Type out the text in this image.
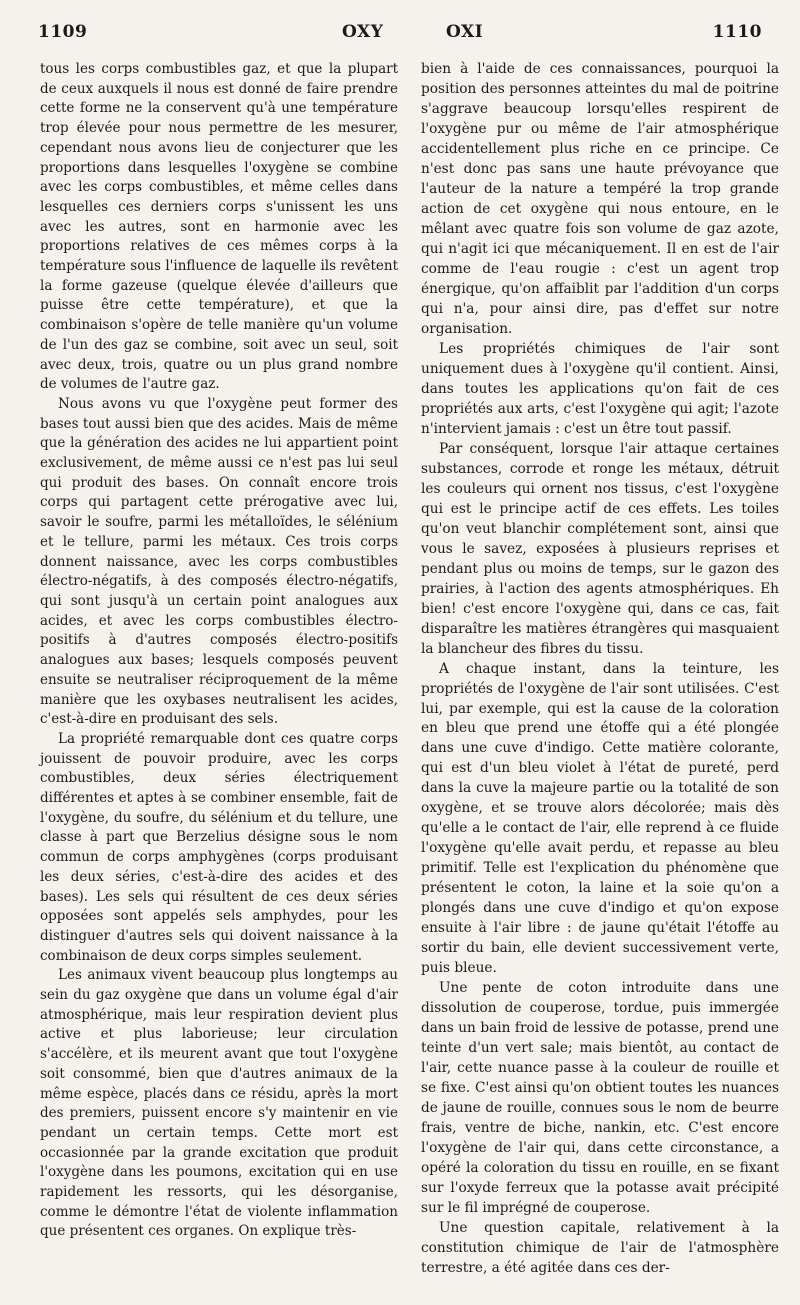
1109	OXY	OXI	1110

tous les corps combustibles gaz, et que la plupart de ceux auxquels il nous est donné de faire prendre cette forme ne la conservent qu'à une température trop élevée pour nous permettre de les mesurer, cependant nous avons lieu de conjecturer que les proportions dans lesquelles l'oxygène se combine avec les corps combustibles, et même celles dans lesquelles ces derniers corps s'unissent les uns avec les autres, sont en harmonie avec les proportions relatives de ces mêmes corps à la température sous l'influence de laquelle ils revêtent la forme gazeuse (quelque élevée d'ailleurs que puisse être cette température), et que la combinaison s'opère de telle manière qu'un volume de l'un des gaz se combine, soit avec un seul, soit avec deux, trois, quatre ou un plus grand nombre de volumes de l'autre gaz.

Nous avons vu que l'oxygène peut former des bases tout aussi bien que des acides. Mais de même que la génération des acides ne lui appartient point exclusivement, de même aussi ce n'est pas lui seul qui produit des bases. On connaît encore trois corps qui partagent cette prérogative avec lui, savoir le soufre, parmi les métalloïdes, le sélénium et le tellure, parmi les métaux. Ces trois corps donnent naissance, avec les corps combustibles électro-négatifs, à des composés électro-négatifs, qui sont jusqu'à un certain point analogues aux acides, et avec les corps combustibles électro-positifs à d'autres composés électro-positifs analogues aux bases; lesquels composés peuvent ensuite se neutraliser réciproquement de la même manière que les oxybases neutralisent les acides, c'est-à-dire en produisant des sels.

La propriété remarquable dont ces quatre corps jouissent de pouvoir produire, avec les corps combustibles, deux séries électriquement différentes et aptes à se combiner ensemble, fait de l'oxygène, du soufre, du sélénium et du tellure, une classe à part que Berzelius désigne sous le nom commun de corps amphygènes (corps produisant les deux séries, c'est-à-dire des acides et des bases). Les sels qui résultent de ces deux séries opposées sont appelés sels amphydes, pour les distinguer d'autres sels qui doivent naissance à la combinaison de deux corps simples seulement.

Les animaux vivent beaucoup plus longtemps au sein du gaz oxygène que dans un volume égal d'air atmosphérique, mais leur respiration devient plus active et plus laborieuse; leur circulation s'accélère, et ils meurent avant que tout l'oxygène soit consommé, bien que d'autres animaux de la même espèce, placés dans ce résidu, après la mort des premiers, puissent encore s'y maintenir en vie pendant un certain temps. Cette mort est occasionnée par la grande excitation que produit l'oxygène dans les poumons, excitation qui en use rapidement les ressorts, qui les désorganise, comme le démontre l'état de violente inflammation que présentent ces organes. On explique très-

bien à l'aide de ces connaissances, pourquoi la position des personnes atteintes du mal de poitrine s'aggrave beaucoup lorsqu'elles respirent de l'oxygène pur ou même de l'air atmosphérique accidentellement plus riche en ce principe. Ce n'est donc pas sans une haute prévoyance que l'auteur de la nature a tempéré la trop grande action de cet oxygène qui nous entoure, en le mêlant avec quatre fois son volume de gaz azote, qui n'agit ici que mécaniquement. Il en est de l'air comme de l'eau rougie : c'est un agent trop énergique, qu'on affaiblit par l'addition d'un corps qui n'a, pour ainsi dire, pas d'effet sur notre organisation.

Les propriétés chimiques de l'air sont uniquement dues à l'oxygène qu'il contient. Ainsi, dans toutes les applications qu'on fait de ces propriétés aux arts, c'est l'oxygène qui agit; l'azote n'intervient jamais : c'est un être tout passif.

Par conséquent, lorsque l'air attaque certaines substances, corrode et ronge les métaux, détruit les couleurs qui ornent nos tissus, c'est l'oxygène qui est le principe actif de ces effets. Les toiles qu'on veut blanchir complétement sont, ainsi que vous le savez, exposées à plusieurs reprises et pendant plus ou moins de temps, sur le gazon des prairies, à l'action des agents atmosphériques. Eh bien! c'est encore l'oxygène qui, dans ce cas, fait disparaître les matières étrangères qui masquaient la blancheur des fibres du tissu.

A chaque instant, dans la teinture, les propriétés de l'oxygène de l'air sont utilisées. C'est lui, par exemple, qui est la cause de la coloration en bleu que prend une étoffe qui a été plongée dans une cuve d'indigo. Cette matière colorante, qui est d'un bleu violet à l'état de pureté, perd dans la cuve la majeure partie ou la totalité de son oxygène, et se trouve alors décolorée; mais dès qu'elle a le contact de l'air, elle reprend à ce fluide l'oxygène qu'elle avait perdu, et repasse au bleu primitif. Telle est l'explication du phénomène que présentent le coton, la laine et la soie qu'on a plongés dans une cuve d'indigo et qu'on expose ensuite à l'air libre : de jaune qu'était l'étoffe au sortir du bain, elle devient successivement verte, puis bleue.

Une pente de coton introduite dans une dissolution de couperose, tordue, puis immergée dans un bain froid de lessive de potasse, prend une teinte d'un vert sale; mais bientôt, au contact de l'air, cette nuance passe à la couleur de rouille et se fixe. C'est ainsi qu'on obtient toutes les nuances de jaune de rouille, connues sous le nom de beurre frais, ventre de biche, nankin, etc. C'est encore l'oxygène de l'air qui, dans cette circonstance, a opéré la coloration du tissu en rouille, en se fixant sur l'oxyde ferreux que la potasse avait précipité sur le fil imprégné de couperose.

Une question capitale, relativement à la constitution chimique de l'air de l'atmosphère terrestre, a été agitée dans ces der-
